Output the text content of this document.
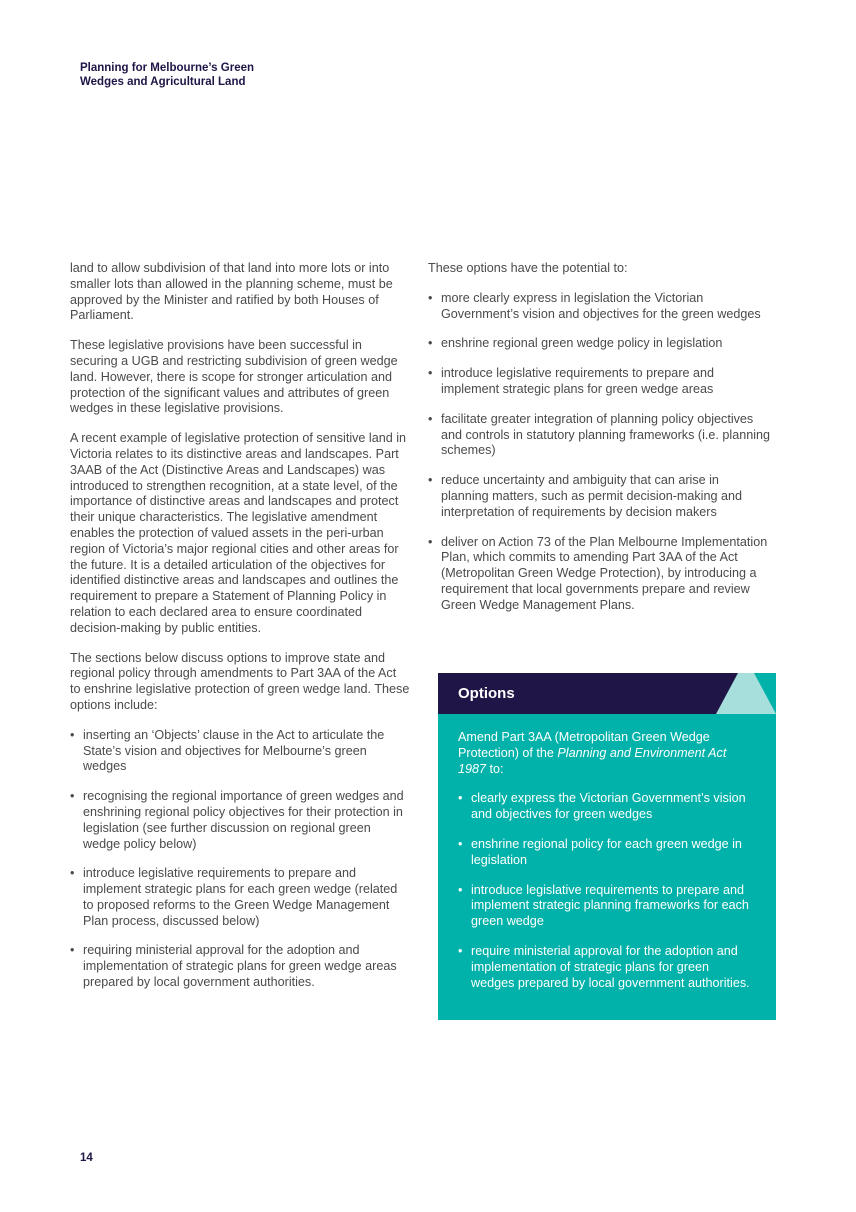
Planning for Melbourne’s Green
Wedges and Agricultural Land

land to allow subdivision of that land into more lots or into smaller lots than allowed in the planning scheme, must be approved by the Minister and ratified by both Houses of Parliament.

These legislative provisions have been successful in securing a UGB and restricting subdivision of green wedge land. However, there is scope for stronger articulation and protection of the significant values and attributes of green wedges in these legislative provisions.

A recent example of legislative protection of sensitive land in Victoria relates to its distinctive areas and landscapes. Part 3AAB of the Act (Distinctive Areas and Landscapes) was introduced to strengthen recognition, at a state level, of the importance of distinctive areas and landscapes and protect their unique characteristics. The legislative amendment enables the protection of valued assets in the peri-urban region of Victoria’s major regional cities and other areas for the future. It is a detailed articulation of the objectives for identified distinctive areas and landscapes and outlines the requirement to prepare a Statement of Planning Policy in relation to each declared area to ensure coordinated decision-making by public entities.

The sections below discuss options to improve state and regional policy through amendments to Part 3AA of the Act to enshrine legislative protection of green wedge land. These options include:

• inserting an ‘Objects’ clause in the Act to articulate the State’s vision and objectives for Melbourne’s green wedges
• recognising the regional importance of green wedges and enshrining regional policy objectives for their protection in legislation (see further discussion on regional green wedge policy below)
• introduce legislative requirements to prepare and implement strategic plans for each green wedge (related to proposed reforms to the Green Wedge Management Plan process, discussed below)
• requiring ministerial approval for the adoption and implementation of strategic plans for green wedge areas prepared by local government authorities.

These options have the potential to:

• more clearly express in legislation the Victorian Government’s vision and objectives for the green wedges
• enshrine regional green wedge policy in legislation
• introduce legislative requirements to prepare and implement strategic plans for green wedge areas
• facilitate greater integration of planning policy objectives and controls in statutory planning frameworks (i.e. planning schemes)
• reduce uncertainty and ambiguity that can arise in planning matters, such as permit decision-making and interpretation of requirements by decision makers
• deliver on Action 73 of the Plan Melbourne Implementation Plan, which commits to amending Part 3AA of the Act (Metropolitan Green Wedge Protection), by introducing a requirement that local governments prepare and review Green Wedge Management Plans.
Options

Amend Part 3AA (Metropolitan Green Wedge Protection) of the Planning and Environment Act 1987 to:

• clearly express the Victorian Government’s vision and objectives for green wedges
• enshrine regional policy for each green wedge in legislation
• introduce legislative requirements to prepare and implement strategic planning frameworks for each green wedge
• require ministerial approval for the adoption and implementation of strategic plans for green wedges prepared by local government authorities.
14
